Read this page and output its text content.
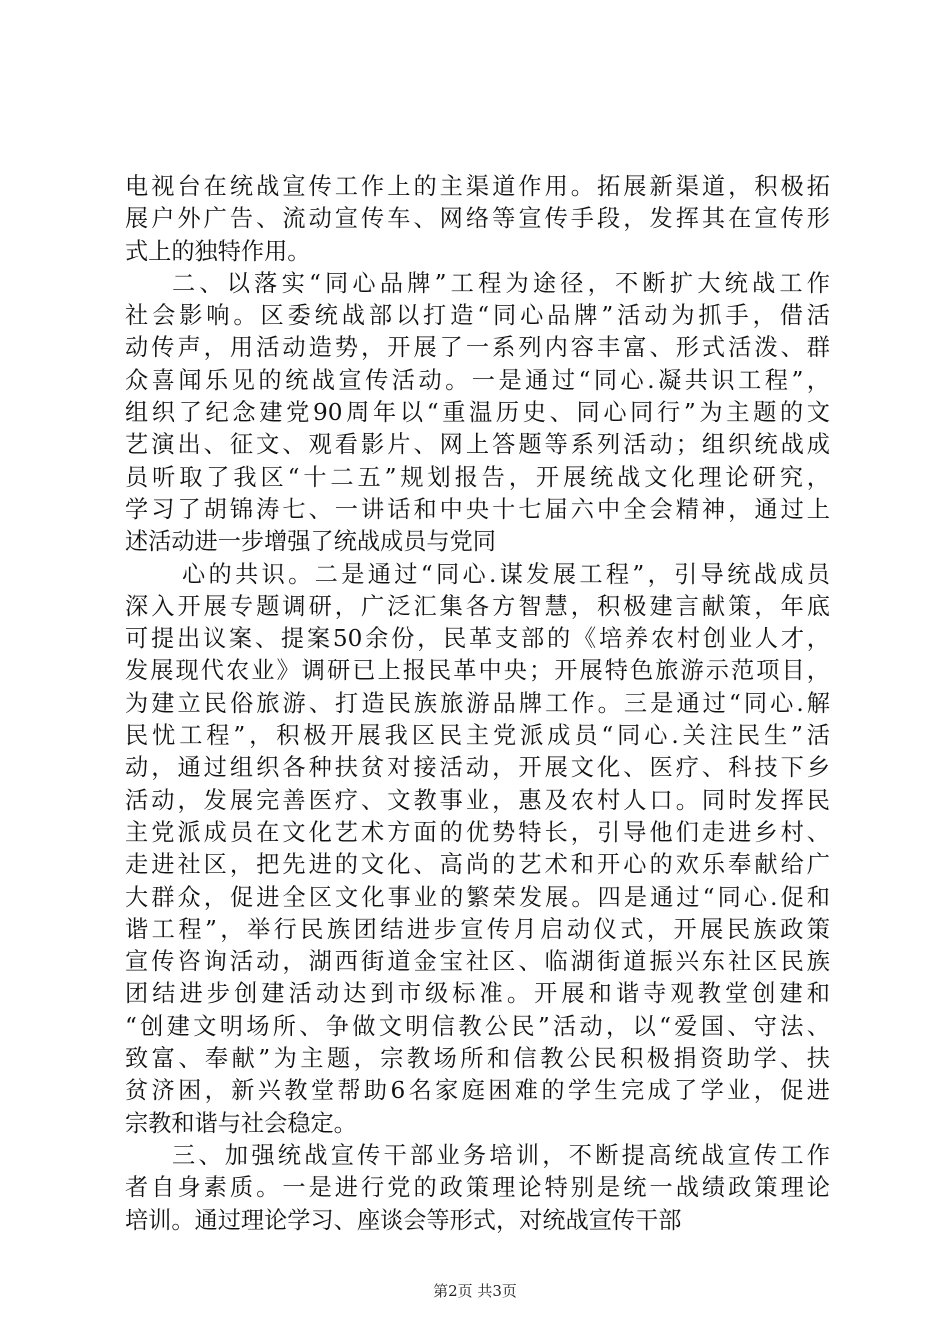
电视台在统战宣传工作上的主渠道作用。拓展新渠道，积极拓
展户外广告、流动宣传车、网络等宣传手段，发挥其在宣传形
式上的独特作用。
二、以落实“同心品牌”工程为途径，不断扩大统战工作
社会影响。区委统战部以打造“同心品牌”活动为抓手，借活
动传声，用活动造势，开展了一系列内容丰富、形式活泼、群
众喜闻乐见的统战宣传活动。一是通过“同心.凝共识工程”，
组织了纪念建党90周年以“重温历史、同心同行”为主题的文
艺演出、征文、观看影片、网上答题等系列活动；组织统战成
员听取了我区“十二五”规划报告，开展统战文化理论研究，
学习了胡锦涛七、一讲话和中央十七届六中全会精神，通过上
述活动进一步增强了统战成员与党同
心的共识。二是通过“同心.谋发展工程”，引导统战成员
深入开展专题调研，广泛汇集各方智慧，积极建言献策，年底
可提出议案、提案50余份，民革支部的《培养农村创业人才，
发展现代农业》调研已上报民革中央；开展特色旅游示范项目，
为建立民俗旅游、打造民族旅游品牌工作。三是通过“同心.解
民忧工程”，积极开展我区民主党派成员“同心.关注民生”活
动，通过组织各种扶贫对接活动，开展文化、医疗、科技下乡
活动，发展完善医疗、文教事业，惠及农村人口。同时发挥民
主党派成员在文化艺术方面的优势特长，引导他们走进乡村、
走进社区，把先进的文化、高尚的艺术和开心的欢乐奉献给广
大群众，促进全区文化事业的繁荣发展。四是通过“同心.促和
谐工程”，举行民族团结进步宣传月启动仪式，开展民族政策
宣传咨询活动，湖西街道金宝社区、临湖街道振兴东社区民族
团结进步创建活动达到市级标准。开展和谐寺观教堂创建和
“创建文明场所、争做文明信教公民”活动，以“爱国、守法、
致富、奉献”为主题，宗教场所和信教公民积极捐资助学、扶
贫济困，新兴教堂帮助6名家庭困难的学生完成了学业，促进
宗教和谐与社会稳定。
三、加强统战宣传干部业务培训，不断提高统战宣传工作
者自身素质。一是进行党的政策理论特别是统一战绩政策理论
培训。通过理论学习、座谈会等形式，对统战宣传干部
第2页 共3页
